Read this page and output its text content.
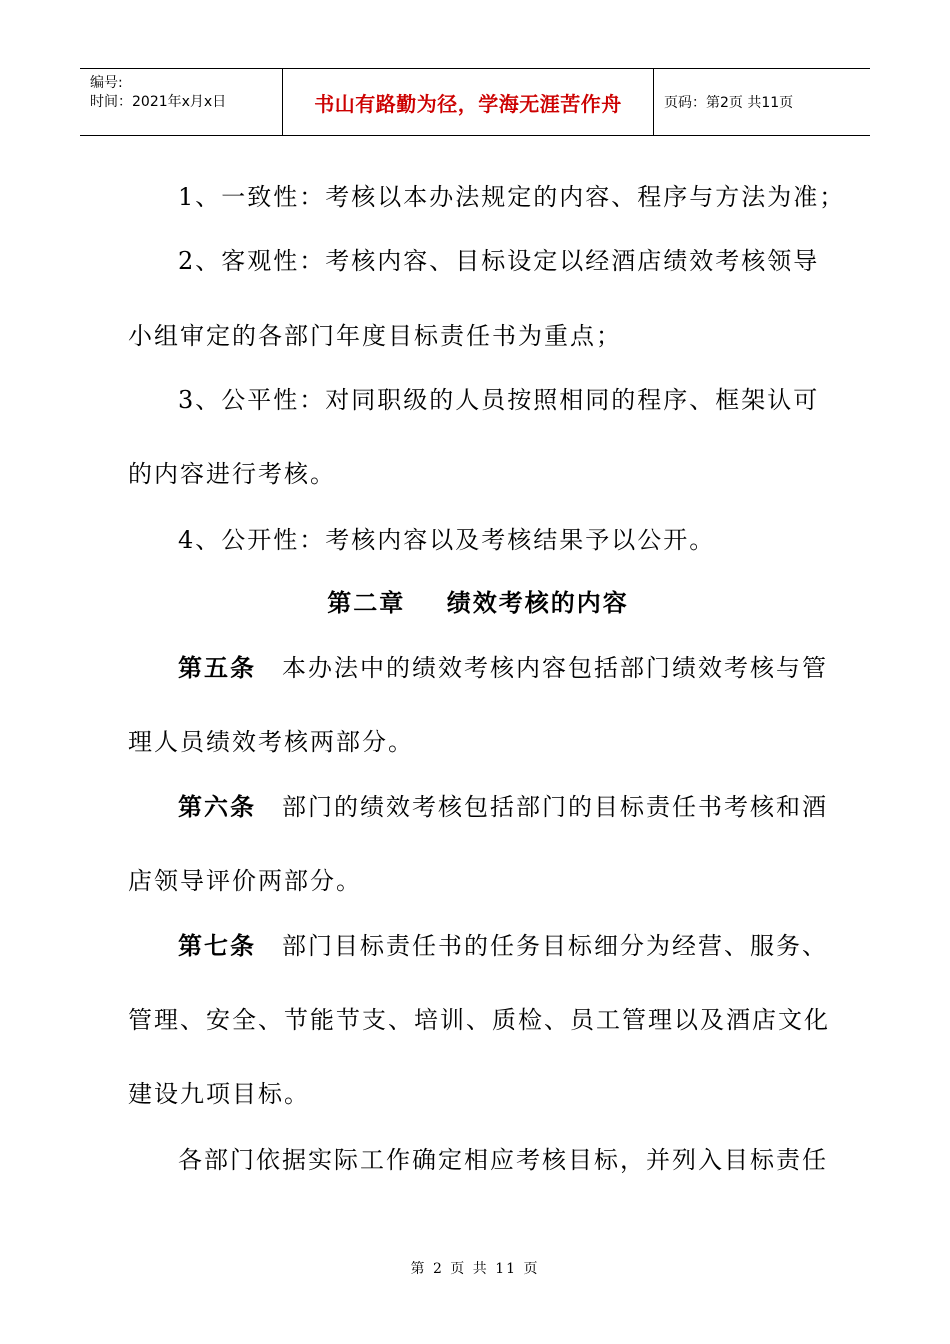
编号:
时间：2021年x月x日	书山有路勤为径，学海无涯苦作舟	页码：第2页 共11页
1、一致性：考核以本办法规定的内容、程序与方法为准；
2、客观性：考核内容、目标设定以经酒店绩效考核领导
小组审定的各部门年度目标责任书为重点；
3、公平性：对同职级的人员按照相同的程序、框架认可
的内容进行考核。
4、公开性：考核内容以及考核结果予以公开。
第二章    绩效考核的内容
第五条 本办法中的绩效考核内容包括部门绩效考核与管
理人员绩效考核两部分。
第六条 部门的绩效考核包括部门的目标责任书考核和酒
店领导评价两部分。
第七条 部门目标责任书的任务目标细分为经营、服务、
管理、安全、节能节支、培训、质检、员工管理以及酒店文化
建设九项目标。
各部门依据实际工作确定相应考核目标，并列入目标责任
第 2 页 共 11 页
